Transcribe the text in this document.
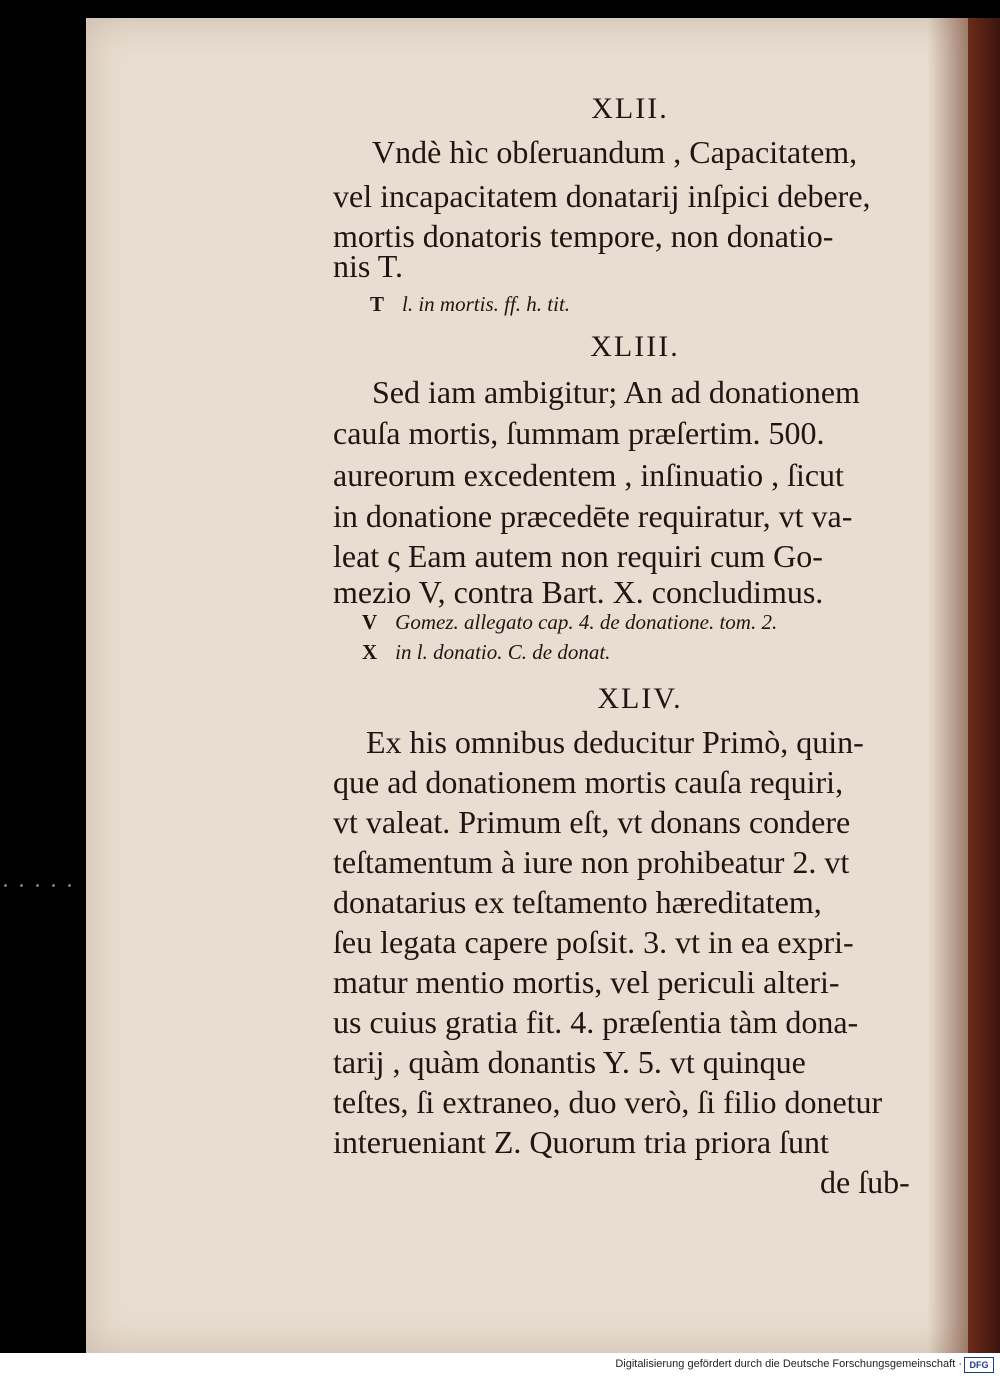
XLII.
Vndè hìc obſeruandum , Capacitatem,
vel incapacitatem donatarij inſpici debere,
mortis donatoris tempore, non donatio-
nis T.
T l. in mortis. ff. h. tit.
XLIII.
Sed iam ambigitur; An ad donationem
cauſa mortis, ſummam præſertim. 500.
aureorum excedentem , inſinuatio , ſicut
in donatione præcedēte requiratur, vt va-
leat ς Eam autem non requiri cum Go-
mezio V, contra Bart. X. concludimus.
V Gomez. allegato cap. 4. de donatione. tom. 2.
X in l. donatio. C. de donat.
XLIV.
Ex his omnibus deducitur Primò, quin-
que ad donationem mortis cauſa requiri,
vt valeat. Primum eſt, vt donans condere
teſtamentum à iure non prohibeatur 2. vt
donatarius ex teſtamento hæreditatem,
ſeu legata capere poſsit. 3. vt in ea expri-
matur mentio mortis, vel periculi alteri-
us cuius gratia fit. 4. præſentia tàm dona-
tarij , quàm donantis Y. 5. vt quinque
teſtes, ſi extraneo, duo verò, ſi filio donetur
interueniant Z. Quorum tria priora ſunt
de ſub-
Digitalisierung gefördert durch die Deutsche Forschungsgemeinschaft · DFG
